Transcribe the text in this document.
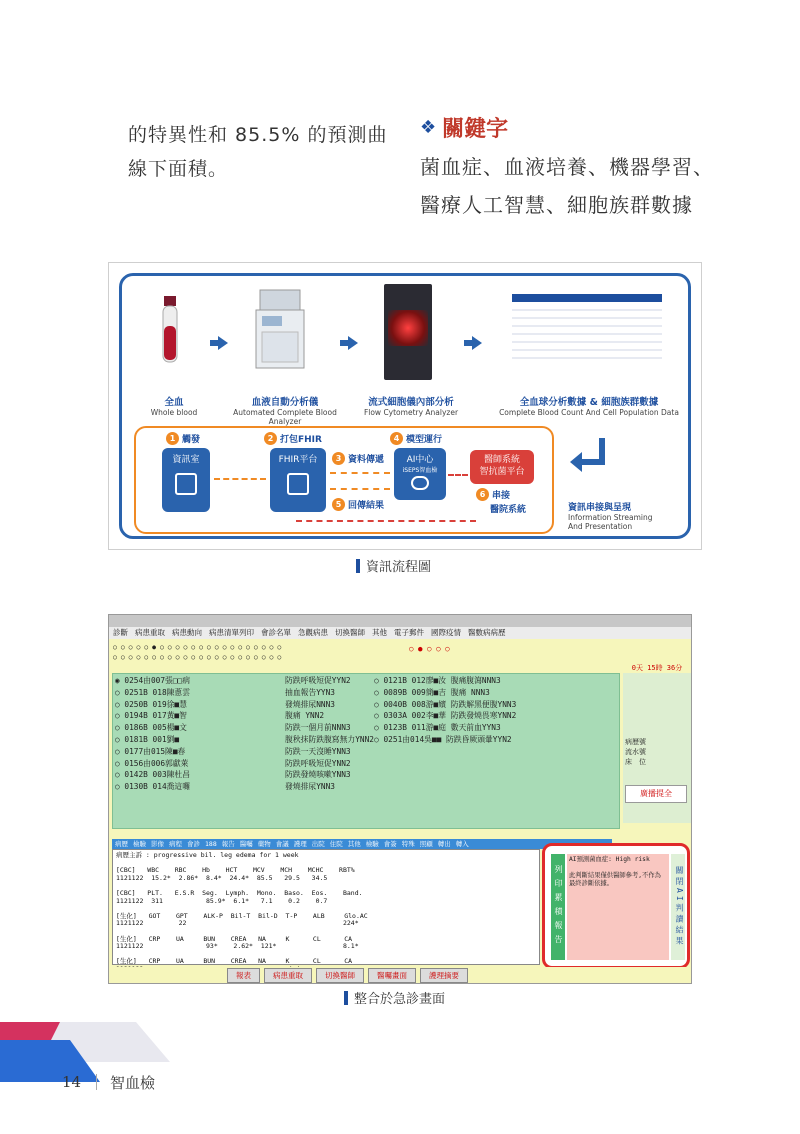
的特異性和 85.5% 的預測曲
線下面積。
❖ 關鍵字
菌血症、血液培養、機器學習、
醫療人工智慧、細胞族群數據
全血
Whole blood
血液自動分析儀
Automated Complete Blood Analyzer
流式細胞儀內部分析
Flow Cytometry Analyzer
全血球分析數據 & 細胞族群數據
Complete Blood Count And Cell Population Data
1 觸發	2 打包FHIR
3 資料傳遞
4 模型運行
5 回傳結果
6 串接
資訊室	FHIR平台	AI中心
iSEPS智血檢
醫師系統
智抗菌平台
醫院系統	資訊串接與呈現
Information Streaming
And Presentation
資訊流程圖
診斷 病患重取 病患動向 病患清單列印 會診名單 急觀病患 切換醫師 其他 電子郵件 國際疫情 醫數病病歷
○ ○ ○ ○ ○ ● ○ ○ ○ ○ ○ ○ ○ ○ ○ ○ ○ ○ ○ ○ ○ ○
○ ○ ○ ○ ○ ○ ○ ○ ○ ○ ○ ○ ○ ○ ○ ○ ○ ○ ○ ○ ○ ○
○ ● ○ ○ ○
0天 15時 36分
◉ 0254由007張□□病	防跌呼吸短促YYN2	○ 0121B 012廖■汝 腹痛腹瀉NNN3
○ 0251B 018陳蔥雲	抽血報告YYN3	○ 0089B 009簡■吉 腹痛 NNN3
○ 0250B 019徐■慧	發燒排尿NNN3	○ 0040B 008游■嬪 防跌解黑便腹YNN3
○ 0194B 017黃■智	腹痛 YNN2	○ 0303A 002李■華 防跌發燒畏寒YNN2
○ 0186B 005楊■文	防跌一個月前NNN3	○ 0123B 011游■庭 數天前血YYN3
○ 0181B 001劉■	腹秋抹防跌腹寫無力YNN2 ○ 0251由014吳■■ 防跌昏厥頭暈YYN2
○ 0177由015陳■春	防跌一天沒睡YNN3
○ 0156由006郭獻萊	防跌呼吸短促YNN2
○ 0142B 003陳杜昌	防跌發燒咳嗽YNN3
○ 0130B 014喬這囉	發燒排尿YNN3
病歷號
流水號
床　位
廣播提全
病歷 檢驗 影像 病程 會診 188 報告 醫囑 藥物 會議 護理 出院 住院 其他 檢驗 會簽 特殊 照顧 轉出 轉入
病歷主訴 : progressive bil. leg edema for 1 week

[CBC]   WBC    RBC    Hb    HCT    MCV    MCH    MCHC    RBT%
1121122  15.2*  2.86*  8.4*  24.4*  85.5   29.5   34.5

[CBC]   PLT.   E.S.R  Seg.  Lymph.  Mono.  Baso.  Eos.    Band.
1121122  311           85.9*  6.1*   7.1    0.2    0.7

[生化]   GOT    GPT    ALK-P  Bil-T  Bil-D  T-P    ALB     Glo.AC
1121122         22                                        224*

[生化]   CRP    UA     BUN    CREA   NA     K      CL      CA
1121122                93*    2.62*  121*                 8.1*

[生化]   CRP    UA     BUN    CREA   NA     K      CL      CA

列印累積報告
AI預測菌血症: High risk
此判斷結果僅供醫師參考,不作為最終診斷依據。	關閉AI判讀結果
報表	病患重取	切換醫師	醫囑畫面	護理摘要
整合於急診畫面
14 智血檢
